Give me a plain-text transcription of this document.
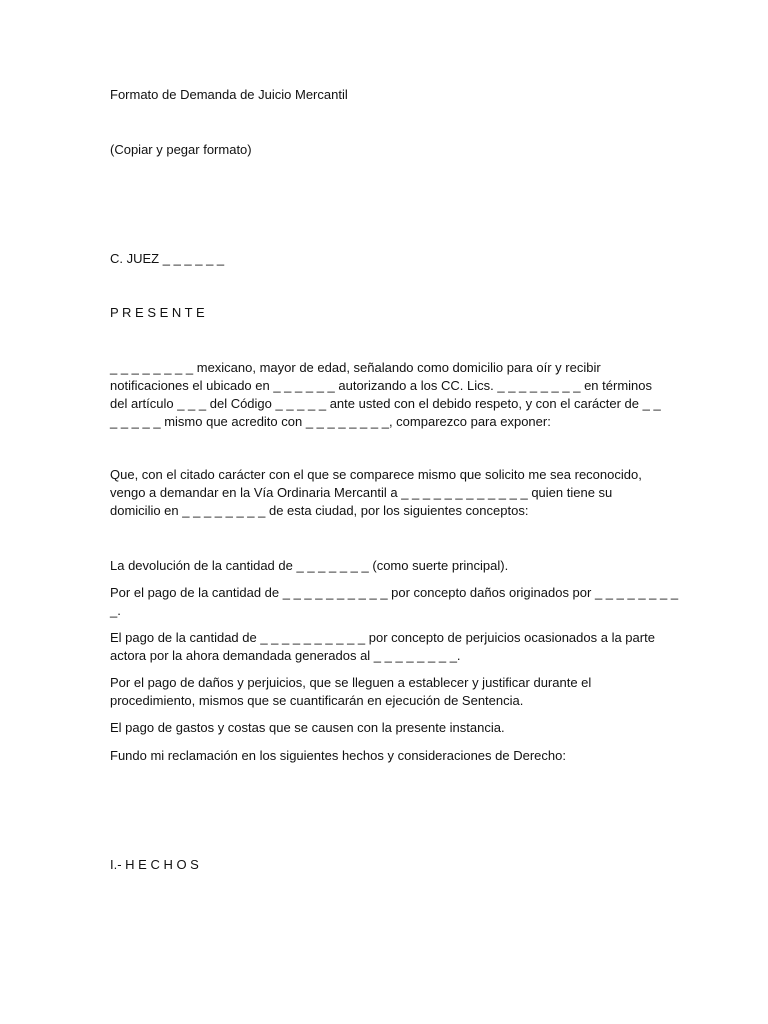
Formato de Demanda de Juicio Mercantil

(Copiar y pegar formato)

C. JUEZ _ _ _ _ _ _

P R E S E N T E

_ _ _ _ _ _ _ _ mexicano, mayor de edad, señalando como domicilio para oír y recibir
notificaciones el ubicado en _ _ _ _ _ _ autorizando a los CC. Lics. _ _ _ _ _ _ _ _ en términos
del artículo _ _ _ del Código _ _ _ _ _ ante usted con el debido respeto, y con el carácter de _ _
_ _ _ _ _ mismo que acredito con _ _ _ _ _ _ _ _, comparezco para exponer:
Que, con el citado carácter con el que se comparece mismo que solicito me sea reconocido,
vengo a demandar en la Vía Ordinaria Mercantil a _ _ _ _ _ _ _ _ _ _ _ _ quien tiene su
domicilio en _ _ _ _ _ _ _ _ de esta ciudad, por los siguientes conceptos:

La devolución de la cantidad de _ _ _ _ _ _ _ (como suerte principal).

Por el pago de la cantidad de _ _ _ _ _ _ _ _ _ _ por concepto daños originados por _ _ _ _ _ _ _ _
_.
El pago de la cantidad de _ _ _ _ _ _ _ _ _ _ por concepto de perjuicios ocasionados a la parte
actora por la ahora demandada generados al _ _ _ _ _ _ _ _.
Por el pago de daños y perjuicios, que se lleguen a establecer y justificar durante el
procedimiento, mismos que se cuantificarán en ejecución de Sentencia.

El pago de gastos y costas que se causen con la presente instancia.

Fundo mi reclamación en los siguientes hechos y consideraciones de Derecho:

I.- H E C H O S
